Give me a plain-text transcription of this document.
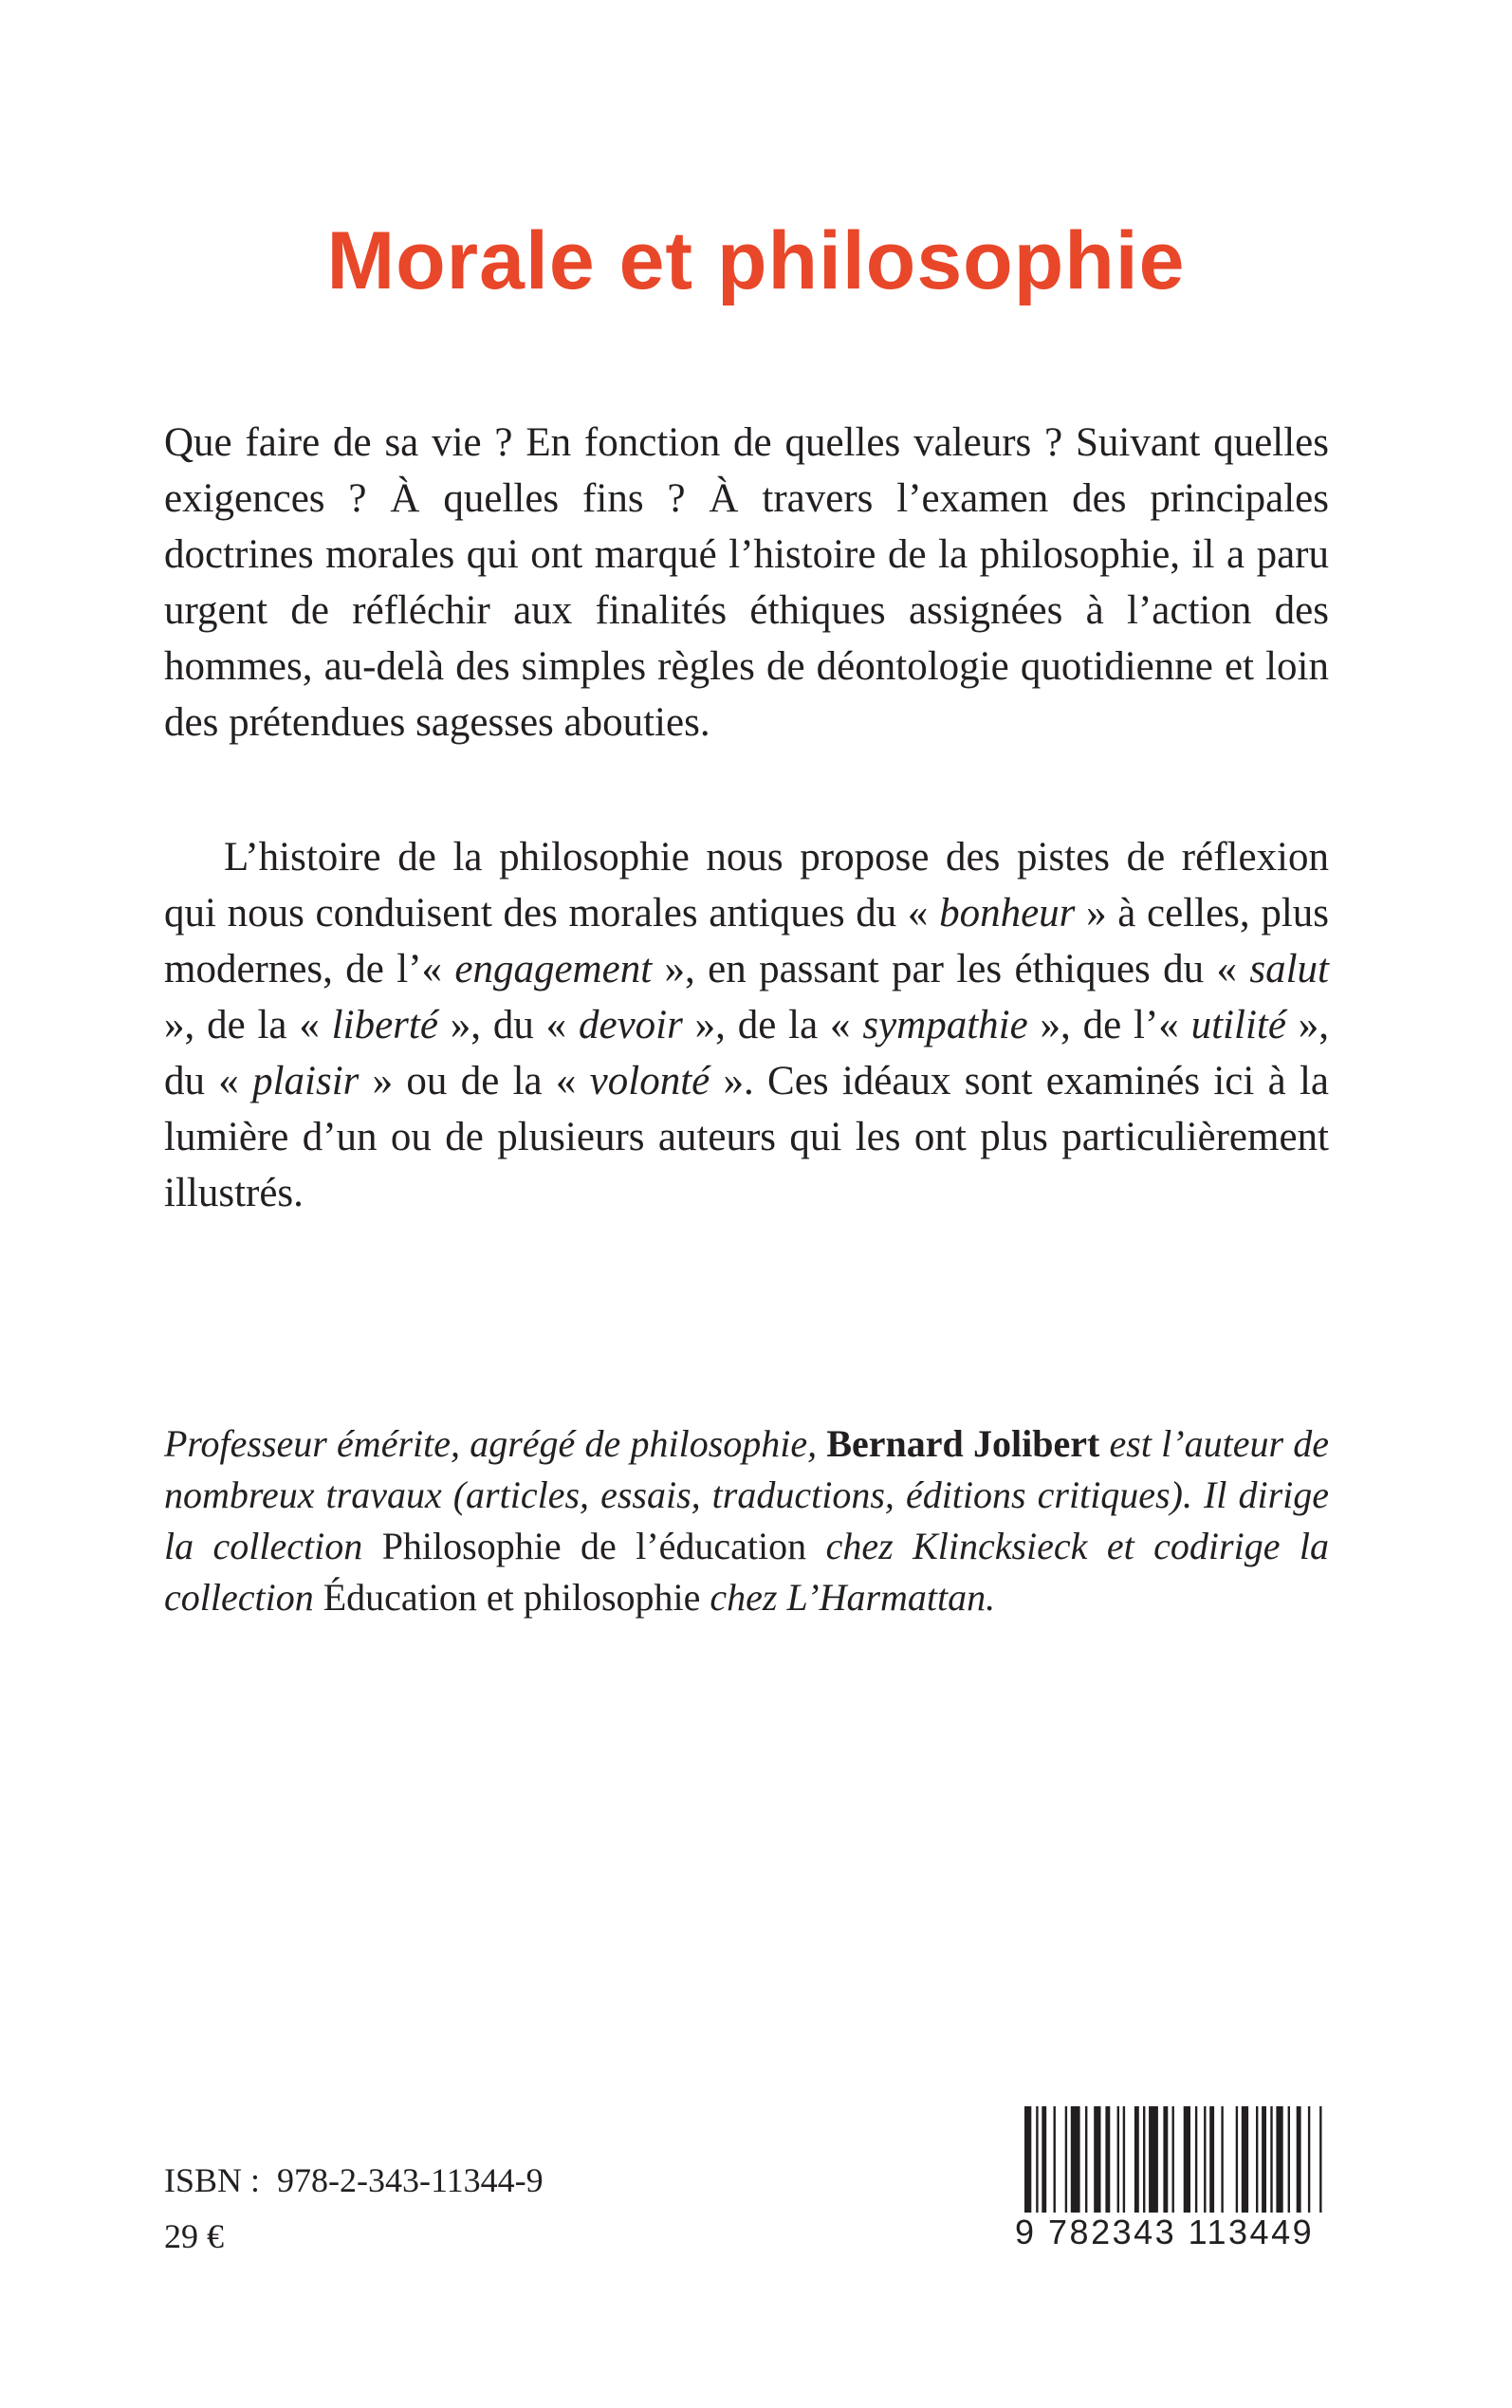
Morale et philosophie

Que faire de sa vie ? En fonction de quelles valeurs ? Suivant quelles exigences ? À quelles fins ? À travers l’examen des principales doctrines morales qui ont marqué l’histoire de la philosophie, il a paru urgent de réfléchir aux finalités éthiques assignées à l’action des hommes, au-delà des simples règles de déontologie quotidienne et loin des prétendues sagesses abouties.

L’histoire de la philosophie nous propose des pistes de réflexion qui nous conduisent des morales antiques du « bonheur » à celles, plus modernes, de l’« engagement », en passant par les éthiques du « salut », de la « liberté », du « devoir », de la « sympathie », de l’« utilité », du « plaisir » ou de la « volonté ». Ces idéaux sont examinés ici à la lumière d’un ou de plusieurs auteurs qui les ont plus particulièrement illustrés.

Professeur émérite, agrégé de philosophie, Bernard Jolibert est l’auteur de nombreux travaux (articles, essais, traductions, éditions critiques). Il dirige la collection Philosophie de l’éducation chez Klincksieck et codirige la collection Éducation et philosophie chez L’Harmattan.

ISBN :  978-2-343-11344-9
29 €	9 782343 113449
